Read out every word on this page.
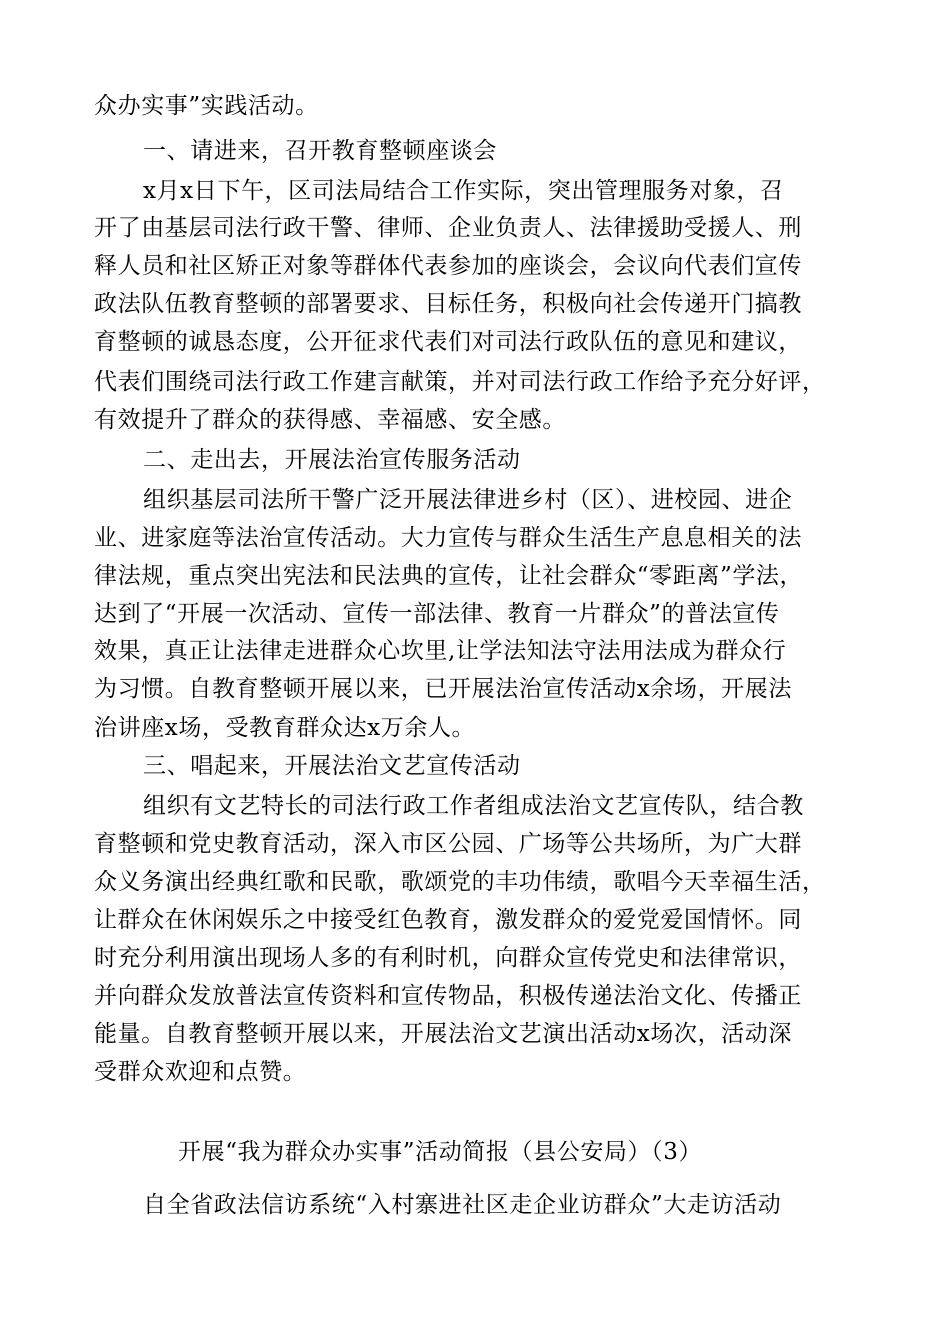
众办实事”实践活动。
一、请进来，召开教育整顿座谈会
x月x日下午，区司法局结合工作实际，突出管理服务对象，召
开了由基层司法行政干警、律师、企业负责人、法律援助受援人、刑
释人员和社区矫正对象等群体代表参加的座谈会，会议向代表们宣传
政法队伍教育整顿的部署要求、目标任务，积极向社会传递开门搞教
育整顿的诚恳态度，公开征求代表们对司法行政队伍的意见和建议，
代表们围绕司法行政工作建言献策，并对司法行政工作给予充分好评，
有效提升了群众的获得感、幸福感、安全感。
二、走出去，开展法治宣传服务活动
组织基层司法所干警广泛开展法律进乡村（区）、进校园、进企
业、进家庭等法治宣传活动。大力宣传与群众生活生产息息相关的法
律法规，重点突出宪法和民法典的宣传，让社会群众“零距离”学法，
达到了“开展一次活动、宣传一部法律、教育一片群众”的普法宣传
效果，真正让法律走进群众心坎里,让学法知法守法用法成为群众行
为习惯。自教育整顿开展以来，已开展法治宣传活动x余场，开展法
治讲座x场，受教育群众达x万余人。
三、唱起来，开展法治文艺宣传活动
组织有文艺特长的司法行政工作者组成法治文艺宣传队，结合教
育整顿和党史教育活动，深入市区公园、广场等公共场所，为广大群
众义务演出经典红歌和民歌，歌颂党的丰功伟绩，歌唱今天幸福生活，
让群众在休闲娱乐之中接受红色教育，激发群众的爱党爱国情怀。同
时充分利用演出现场人多的有利时机，向群众宣传党史和法律常识，
并向群众发放普法宣传资料和宣传物品，积极传递法治文化、传播正
能量。自教育整顿开展以来，开展法治文艺演出活动x场次，活动深
受群众欢迎和点赞。
开展“我为群众办实事”活动简报（县公安局）（3）
自全省政法信访系统“入村寨进社区走企业访群众”大走访活动
